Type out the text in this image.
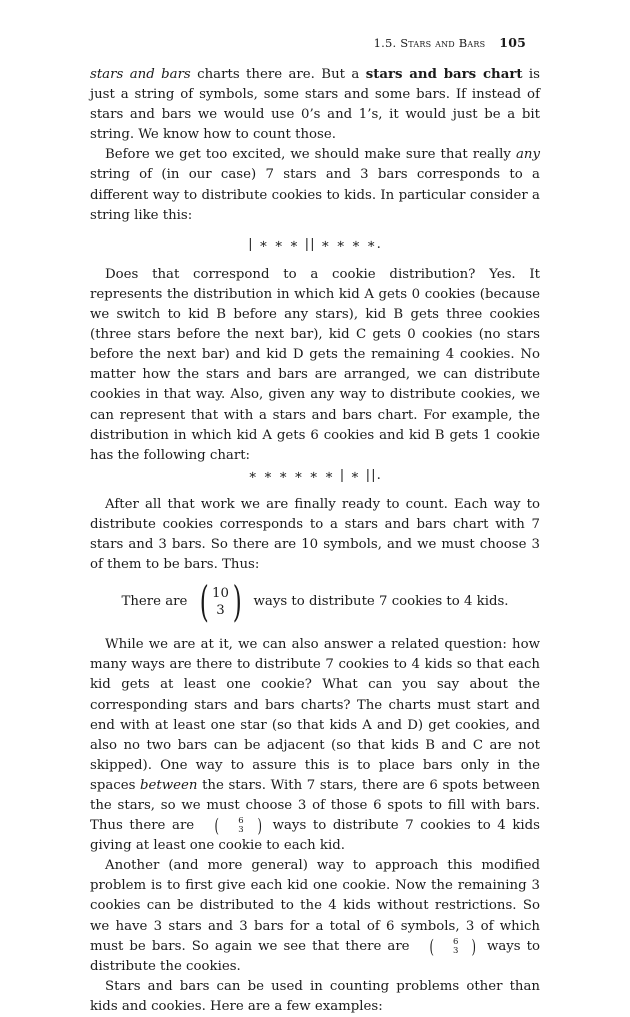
1.5. Stars and Bars 105

stars and bars charts there are. But a stars and bars chart is just a string of symbols, some stars and some bars. If instead of stars and bars we would use 0’s and 1’s, it would just be a bit string. We know how to count those.

Before we get too excited, we should make sure that really any string of (in our case) 7 stars and 3 bars corresponds to a different way to distribute cookies to kids. In particular consider a string like this:

| ∗ ∗ ∗ || ∗ ∗ ∗ ∗.

Does that correspond to a cookie distribution? Yes. It represents the distribution in which kid A gets 0 cookies (because we switch to kid B before any stars), kid B gets three cookies (three stars before the next bar), kid C gets 0 cookies (no stars before the next bar) and kid D gets the remaining 4 cookies. No matter how the stars and bars are arranged, we can distribute cookies in that way. Also, given any way to distribute cookies, we can represent that with a stars and bars chart. For example, the distribution in which kid A gets 6 cookies and kid B gets 1 cookie has the following chart:

∗ ∗ ∗ ∗ ∗ ∗ | ∗ ||.

After all that work we are finally ready to count. Each way to distribute cookies corresponds to a stars and bars chart with 7 stars and 3 bars. So there are 10 symbols, and we must choose 3 of them to be bars. Thus:

There are ( 10
3 ) ways to distribute 7 cookies to 4 kids.

While we are at it, we can also answer a related question: how many ways are there to distribute 7 cookies to 4 kids so that each kid gets at least one cookie? What can you say about the corresponding stars and bars charts? The charts must start and end with at least one star (so that kids A and D) get cookies, and also no two bars can be adjacent (so that kids B and C are not skipped). One way to assure this is to place bars only in the spaces between the stars. With 7 stars, there are 6 spots between the stars, so we must choose 3 of those 6 spots to fill with bars. Thus there are (	6
3 ) ways to distribute 7 cookies to 4 kids giving at least one cookie to each kid.

Another (and more general) way to approach this modified problem is to first give each kid one cookie. Now the remaining 3 cookies can be distributed to the 4 kids without restrictions. So we have 3 stars and 3 bars for a total of 6 symbols, 3 of which must be bars. So again we see that there are (	6
3 ) ways to distribute the cookies.

Stars and bars can be used in counting problems other than kids and cookies. Here are a few examples:
